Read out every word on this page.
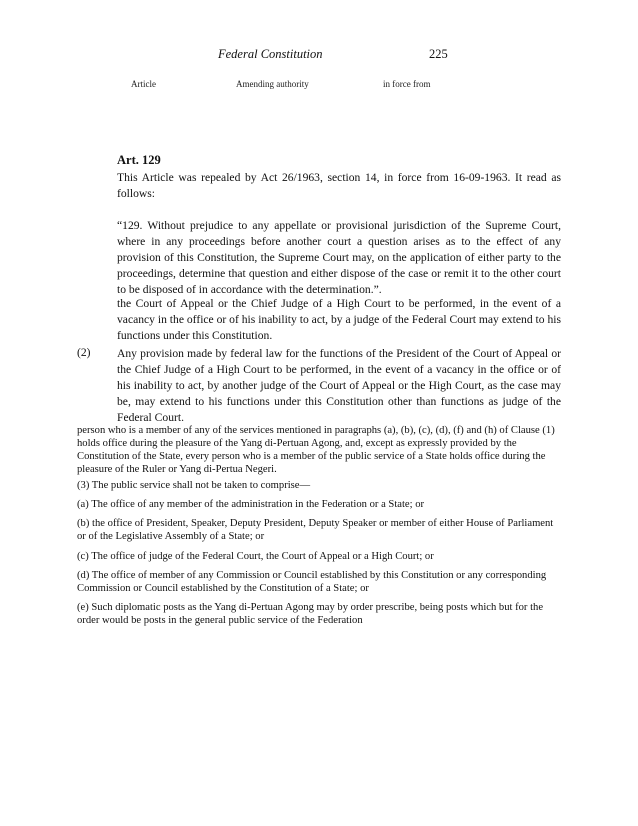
Federal Constitution	225
Article	Amending authority	in force from
Art. 129
This Article was repealed by Act 26/1963, section 14, in force from 16-09-1963. It read as follows:
“129. Without prejudice to any appellate or provisional jurisdiction of the Supreme Court, where in any proceedings before another court a question arises as to the effect of any provision of this Constitution, the Supreme Court may, on the application of either party to the proceedings, determine that question and either dispose of the case or remit it to the other court to be disposed of in accordance with the determination.”.
the Court of Appeal or the Chief Judge of a High Court to be performed, in the event of a vacancy in the office or of his inability to act, by a judge of the Federal Court may extend to his functions under this Constitution.
(2) Any provision made by federal law for the functions of the President of the Court of Appeal or the Chief Judge of a High Court to be performed, in the event of a vacancy in the office or of his inability to act, by another judge of the Court of Appeal or the High Court, as the case may be, may extend to his functions under this Constitution other than functions as judge of the Federal Court.
person who is a member of any of the services mentioned in paragraphs (a), (b), (c), (d), (f) and (h) of Clause (1) holds office during the pleasure of the Yang di-Pertuan Agong, and, except as expressly provided by the Constitution of the State, every person who is a member of the public service of a State holds office during the pleasure of the Ruler or Yang di-Pertua Negeri.
(3) The public service shall not be taken to comprise—
(a) The office of any member of the administration in the Federation or a State; or
(b) the office of President, Speaker, Deputy President, Deputy Speaker or member of either House of Parliament or of the Legislative Assembly of a State; or
(c) The office of judge of the Federal Court, the Court of Appeal or a High Court; or
(d) The office of member of any Commission or Council established by this Constitution or any corresponding Commission or Council established by the Constitution of a State; or
(e) Such diplomatic posts as the Yang di-Pertuan Agong may by order prescribe, being posts which but for the order would be posts in the general public service of the Federation
